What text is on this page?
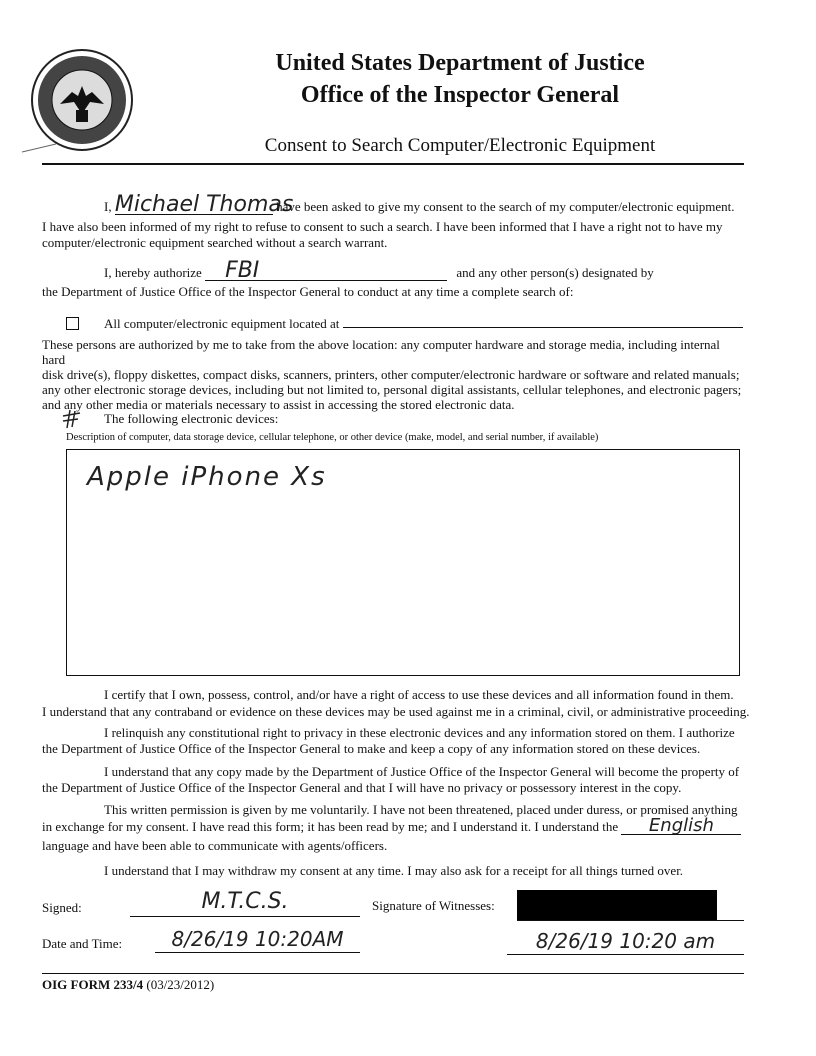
United States Department of Justice
Office of the Inspector General
Consent to Search Computer/Electronic Equipment
I, Michael Thomas have been asked to give my consent to the search of my computer/electronic equipment.
I have also been informed of my right to refuse to consent to such a search. I have been informed that I have a right not to have my
computer/electronic equipment searched without a search warrant.
I, hereby authorize FBI	and any other person(s) designated by
the Department of Justice Office of the Inspector General to conduct at any time a complete search of:
All computer/electronic equipment located at
These persons are authorized by me to take from the above location: any computer hardware and storage media, including internal hard
disk drive(s), floppy diskettes, compact disks, scanners, printers, other computer/electronic hardware or software and related manuals;
any other electronic storage devices, including but not limited to, personal digital assistants, cellular telephones, and electronic pagers;
and any other media or materials necessary to assist in accessing the stored electronic data.
The following electronic devices:
Description of computer, data storage device, cellular telephone, or other device (make, model, and serial number, if available)
Apple iPhone Xs
I certify that I own, possess, control, and/or have a right of access to use these devices and all information found in them.
I understand that any contraband or evidence on these devices may be used against me in a criminal, civil, or administrative proceeding.
I relinquish any constitutional right to privacy in these electronic devices and any information stored on them. I authorize
the Department of Justice Office of the Inspector General to make and keep a copy of any information stored on these devices.
I understand that any copy made by the Department of Justice Office of the Inspector General will become the property of
the Department of Justice Office of the Inspector General and that I will have no privacy or possessory interest in the copy.
This written permission is given by me voluntarily. I have not been threatened, placed under duress, or promised anything
in exchange for my consent. I have read this form; it has been read by me; and I understand it. I understand the English
language and have been able to communicate with agents/officers.
I understand that I may withdraw my consent at any time. I may also ask for a receipt for all things turned over.
Signed:	M.T.C.S.	Signature of Witnesses:
Date and Time:	8/26/19 10:20AM	8/26/19 10:20 am
OIG FORM 233/4 (03/23/2012)
